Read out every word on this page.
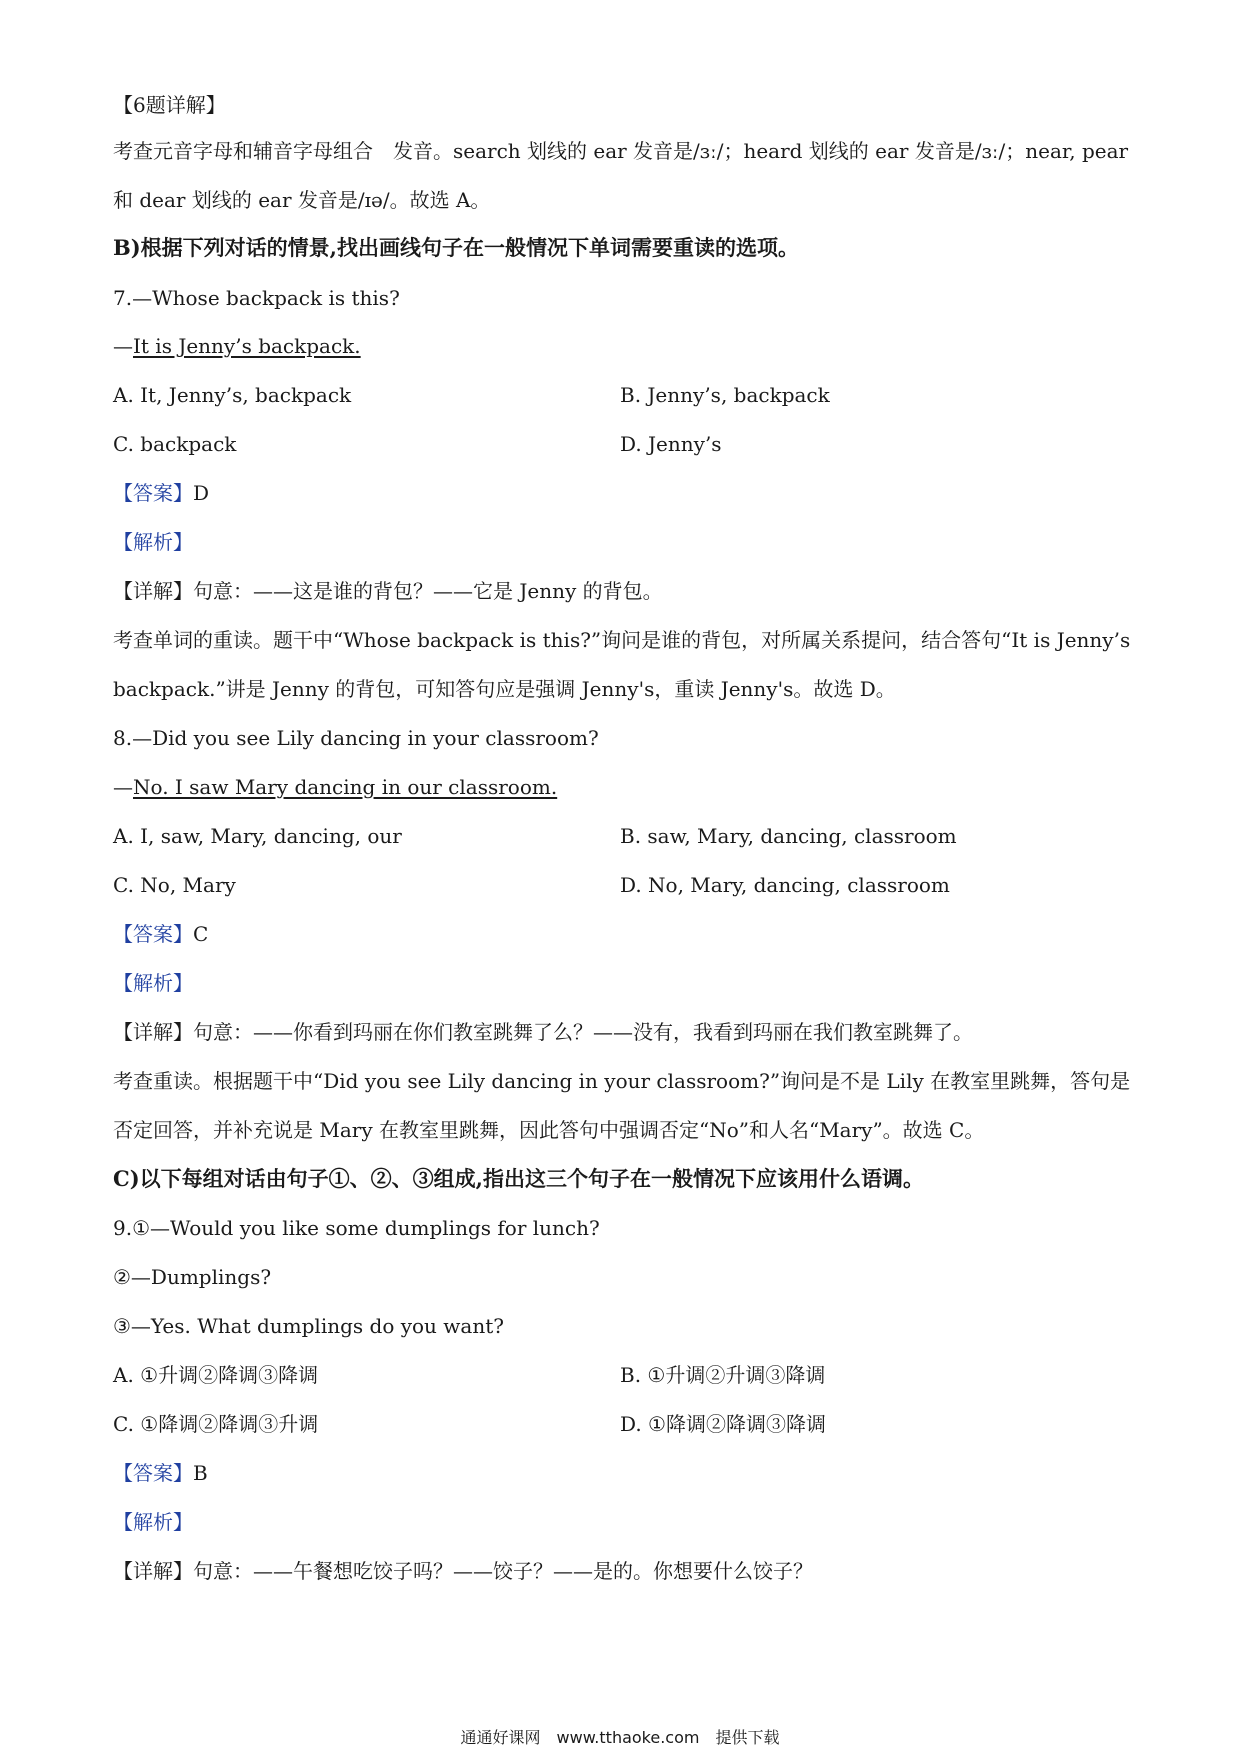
【6题详解】
考查元音字母和辅音字母组合　发音。search 划线的 ear 发音是/ɜː/；heard 划线的 ear 发音是/ɜː/；near, pear
和 dear 划线的 ear 发音是/ɪə/。故选 A。
B)根据下列对话的情景,找出画线句子在一般情况下单词需要重读的选项。
7.—Whose backpack is this?
—It is Jenny’s backpack.
A. It, Jenny’s, backpack	B. Jenny’s, backpack
C. backpack	D. Jenny’s
【答案】D
【解析】
【详解】句意：——这是谁的背包？——它是 Jenny 的背包。
考查单词的重读。题干中“Whose backpack is this?”询问是谁的背包，对所属关系提问，结合答句“It is Jenny’s
backpack.”讲是 Jenny 的背包，可知答句应是强调 Jenny's，重读 Jenny's。故选 D。
8.—Did you see Lily dancing in your classroom?
—No. I saw Mary dancing in our classroom.
A. I, saw, Mary, dancing, our	B. saw, Mary, dancing, classroom
C. No, Mary	D. No, Mary, dancing, classroom
【答案】C
【解析】
【详解】句意：——你看到玛丽在你们教室跳舞了么？——没有，我看到玛丽在我们教室跳舞了。
考查重读。根据题干中“Did you see Lily dancing in your classroom?”询问是不是 Lily 在教室里跳舞，答句是
否定回答，并补充说是 Mary 在教室里跳舞，因此答句中强调否定“No”和人名“Mary”。故选 C。
C)以下每组对话由句子①、②、③组成,指出这三个句子在一般情况下应该用什么语调。
9.①—Would you like some dumplings for lunch?
②—Dumplings?
③—Yes. What dumplings do you want?
A. ①升调②降调③降调	B. ①升调②升调③降调
C. ①降调②降调③升调	D. ①降调②降调③降调
【答案】B
【解析】
【详解】句意：——午餐想吃饺子吗？——饺子？——是的。你想要什么饺子？
通通好课网　www.tthaoke.com　提供下载
